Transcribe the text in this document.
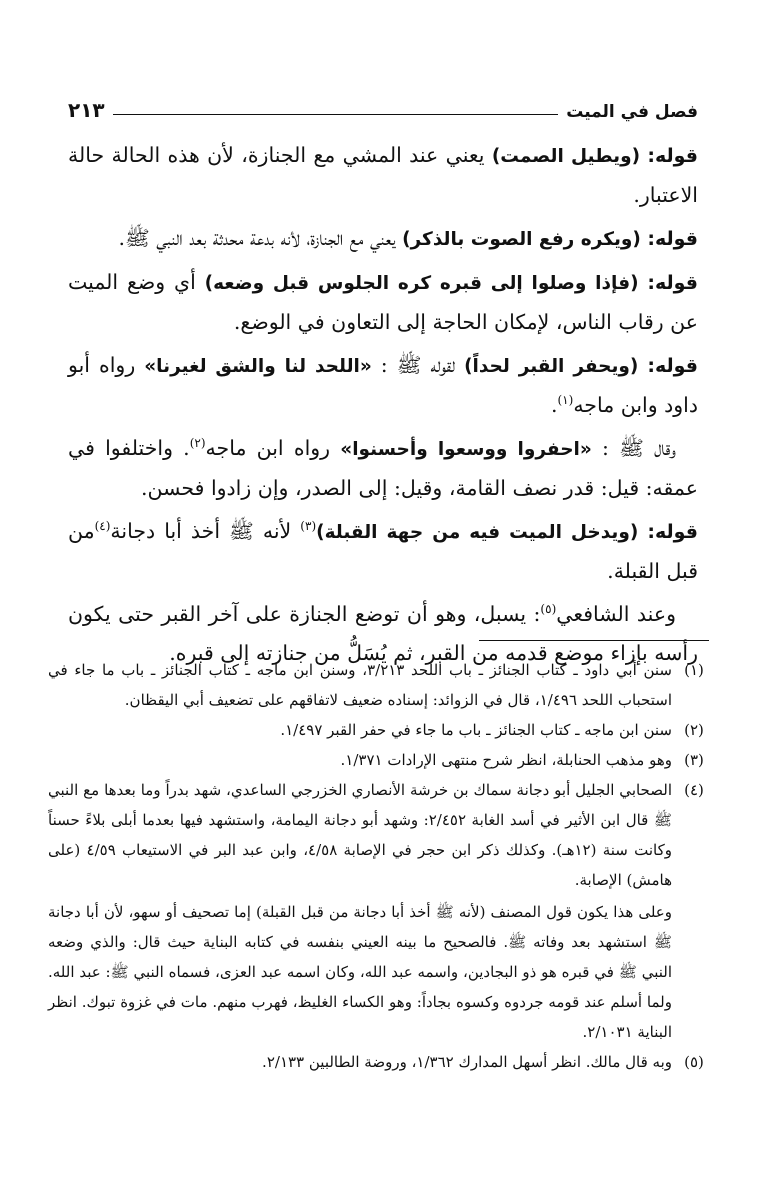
فصل في الميت
٢١٣

قوله: (ويطيل الصمت) يعني عند المشي مع الجنازة، لأن هذه الحالة حالة الاعتبار.

قوله: (ويكره رفع الصوت بالذكر) يعني مع الجنازة، لأنه بدعة محدثة بعد النبي ﷺ.

قوله: (فإذا وصلوا إلى قبره كره الجلوس قبل وضعه) أي وضع الميت عن رقاب الناس، لإمكان الحاجة إلى التعاون في الوضع.

قوله: (ويحفر القبر لحداً) لقوله ﷺ : «اللحد لنا والشق لغيرنا» رواه أبو داود وابن ماجه$^{(١)}$.

وقال ﷺ : «احفروا ووسعوا وأحسنوا» رواه ابن ماجه$^{(٢)}$. واختلفوا في عمقه: قيل: قدر نصف القامة، وقيل: إلى الصدر، وإن زادوا فحسن.

قوله: (ويدخل الميت فيه من جهة القبلة)$^{(٣)}$ لأنه ﷺ أخذ أبا دجانة$^{(٤)}$من قبل القبلة.

وعند الشافعي$^{(٥)}$: يسبل، وهو أن توضع الجنازة على آخر القبر حتى يكون رأسه بإزاء موضع قدمه من القبر، ثم يُسَلُّ من جنازته إلى قبره.

(١)

سنن أبي داود ـ كتاب الجنائز ـ باب اللحد ٣/٢١٣، وسنن ابن ماجه ـ كتاب الجنائز ـ باب ما جاء في استحباب اللحد ١/٤٩٦، قال في الزوائد: إسناده ضعيف لاتفاقهم على تضعيف أبي اليقظان.

(٢)

سنن ابن ماجه ـ كتاب الجنائز ـ باب ما جاء في حفر القبر ١/٤٩٧.

(٣)

وهو مذهب الحنابلة، انظر شرح منتهى الإرادات ١/٣٧١.

(٤)

الصحابي الجليل أبو دجانة سماك بن خرشة الأنصاري الخزرجي الساعدي، شهد بدراً وما بعدها مع النبي ﷺ قال ابن الأثير في أسد الغابة ٢/٤٥٢: وشهد أبو دجانة اليمامة، واستشهد فيها بعدما أبلى بلاءً حسناً وكانت سنة (١٢هـ). وكذلك ذكر ابن حجر في الإصابة ٤/٥٨، وابن عبد البر في الاستيعاب ٤/٥٩ (على هامش) الإصابة.

وعلى هذا يكون قول المصنف (لأنه ﷺ أخذ أبا دجانة من قبل القبلة) إما تصحيف أو سهو، لأن أبا دجانة ﷺ استشهد بعد وفاته ﷺ. فالصحيح ما بينه العيني بنفسه في كتابه البناية حيث قال: والذي وضعه النبي ﷺ في قبره هو ذو البجادين، واسمه عبد الله، وكان اسمه عبد العزى، فسماه النبي ﷺ: عبد الله. ولما أسلم عند قومه جردوه وكسوه بجاداً: وهو الكساء الغليظ، فهرب منهم. مات في غزوة تبوك. انظر البناية ٢/١٠٣١.

(٥)

وبه قال مالك. انظر أسهل المدارك ١/٣٦٢، وروضة الطالبين ٢/١٣٣.
